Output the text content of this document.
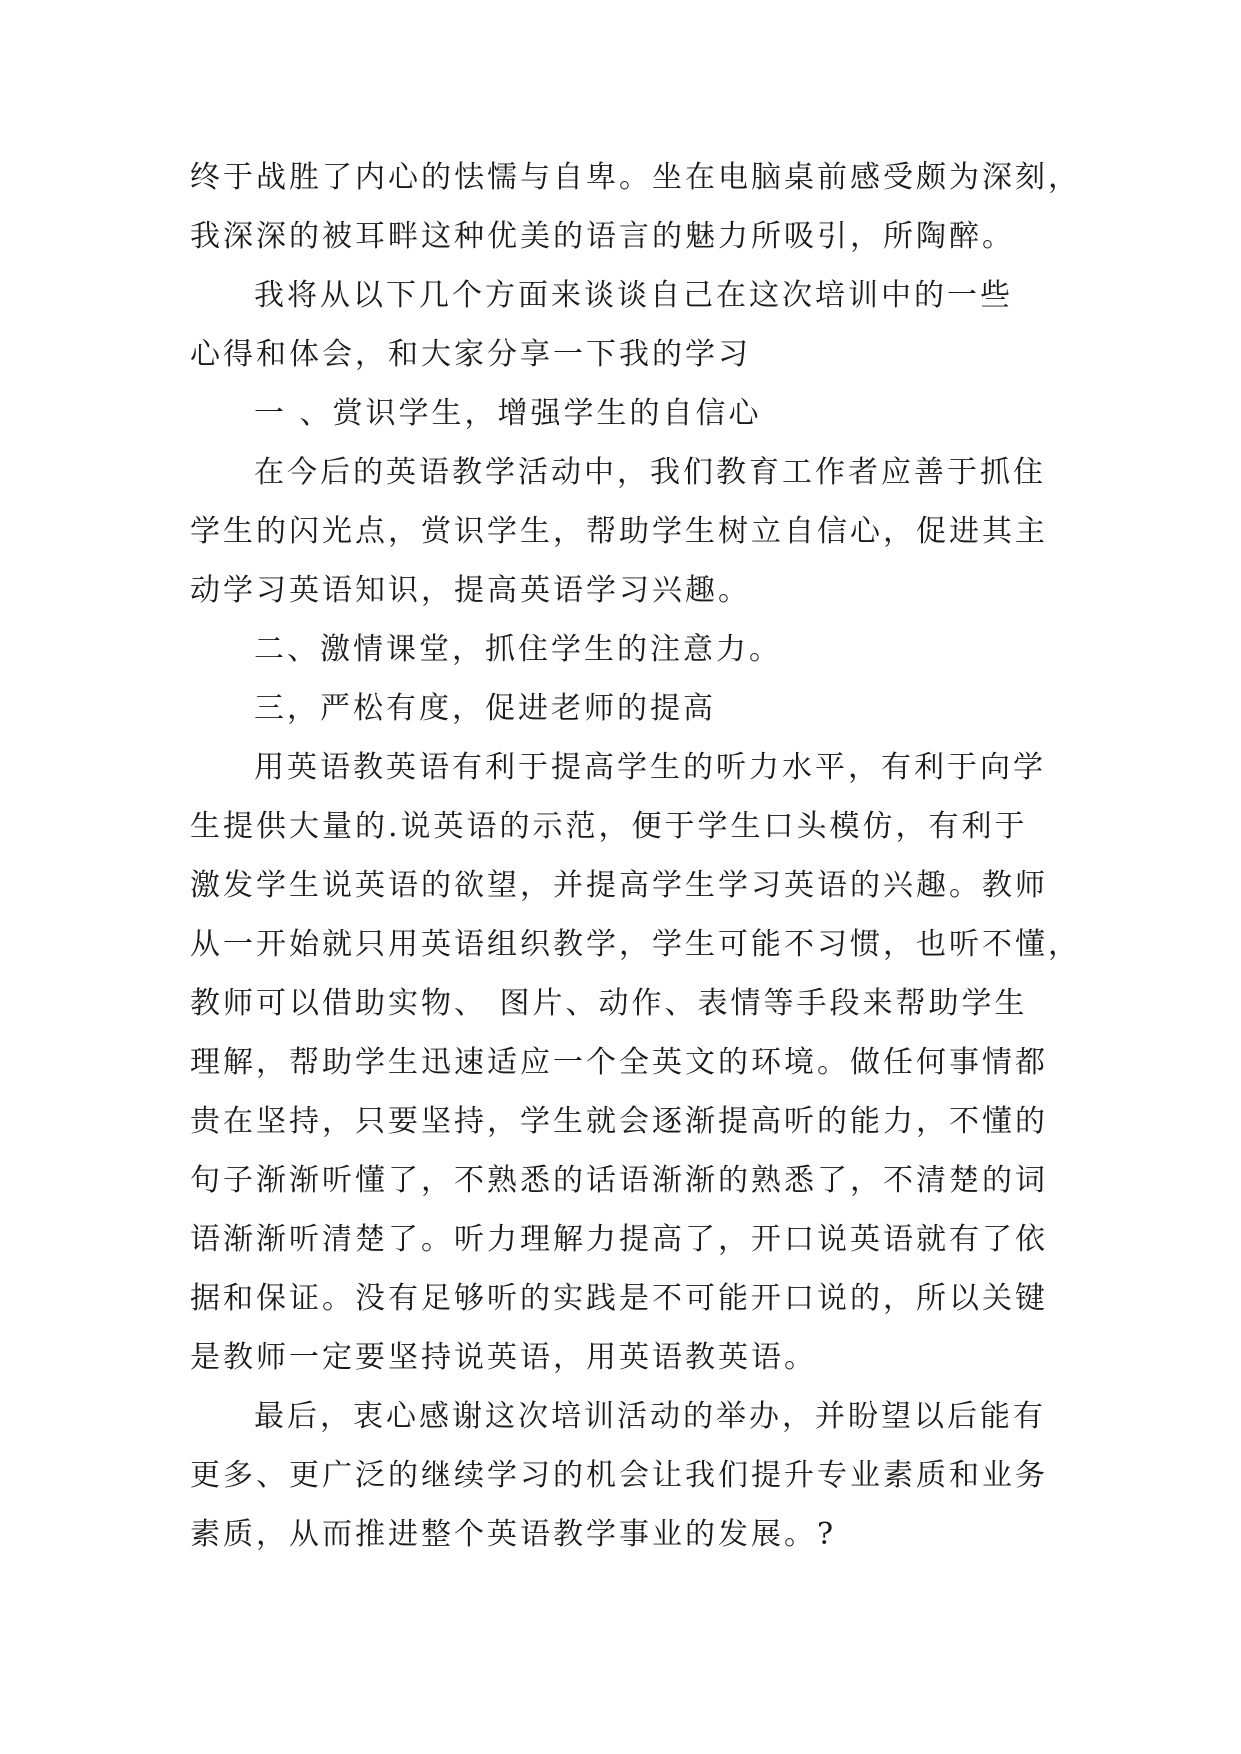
终于战胜了内心的怯懦与自卑。坐在电脑桌前感受颇为深刻，
我深深的被耳畔这种优美的语言的魅力所吸引，所陶醉。
我将从以下几个方面来谈谈自己在这次培训中的一些
心得和体会，和大家分享一下我的学习
一 、赏识学生，增强学生的自信心
在今后的英语教学活动中，我们教育工作者应善于抓住
学生的闪光点，赏识学生，帮助学生树立自信心，促进其主
动学习英语知识，提高英语学习兴趣。
二、激情课堂，抓住学生的注意力。
三，严松有度，促进老师的提高
用英语教英语有利于提高学生的听力水平，有利于向学
生提供大量的.说英语的示范，便于学生口头模仿，有利于
激发学生说英语的欲望，并提高学生学习英语的兴趣。教师
从一开始就只用英语组织教学，学生可能不习惯，也听不懂，
教师可以借助实物、 图片、动作、表情等手段来帮助学生
理解，帮助学生迅速适应一个全英文的环境。做任何事情都
贵在坚持，只要坚持，学生就会逐渐提高听的能力，不懂的
句子渐渐听懂了，不熟悉的话语渐渐的熟悉了，不清楚的词
语渐渐听清楚了。听力理解力提高了，开口说英语就有了依
据和保证。没有足够听的实践是不可能开口说的，所以关键
是教师一定要坚持说英语，用英语教英语。
最后，衷心感谢这次培训活动的举办，并盼望以后能有
更多、更广泛的继续学习的机会让我们提升专业素质和业务
素质，从而推进整个英语教学事业的发展。?
